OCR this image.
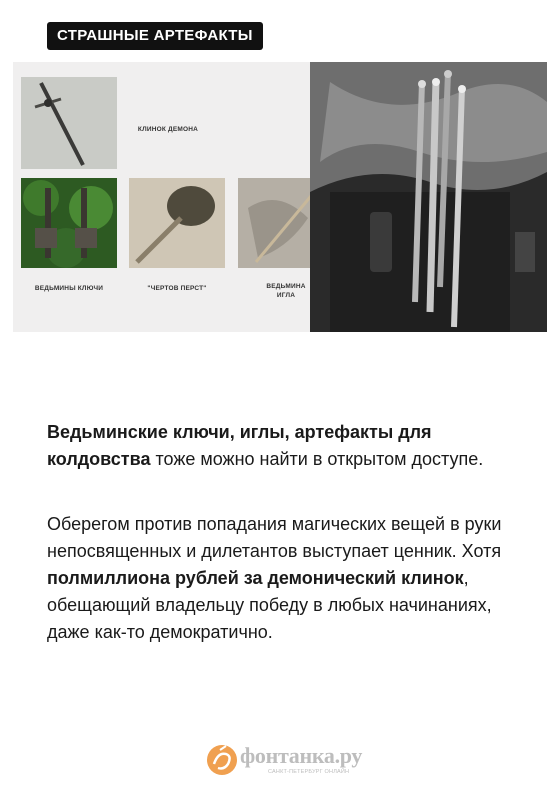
СТРАШНЫЕ АРТЕФАКТЫ
КЛИНОК ДЕМОНА
ВЕДЬМИНЫ КЛЮЧИ	"ЧЕРТОВ ПЕРСТ"	ВЕДЬМИНА
ИГЛА

Ведьминские ключи, иглы, артефакты для колдовства тоже можно найти в открытом доступе.

Оберегом против попадания магических вещей в руки непосвященных и дилетантов выступает ценник. Хотя полмиллиона рублей за демонический клинок, обещающий владельцу победу в любых начинаниях, даже как-то демократично.

фонтанка.ру
САНКТ-ПЕТЕРБУРГ ОНЛАЙН
